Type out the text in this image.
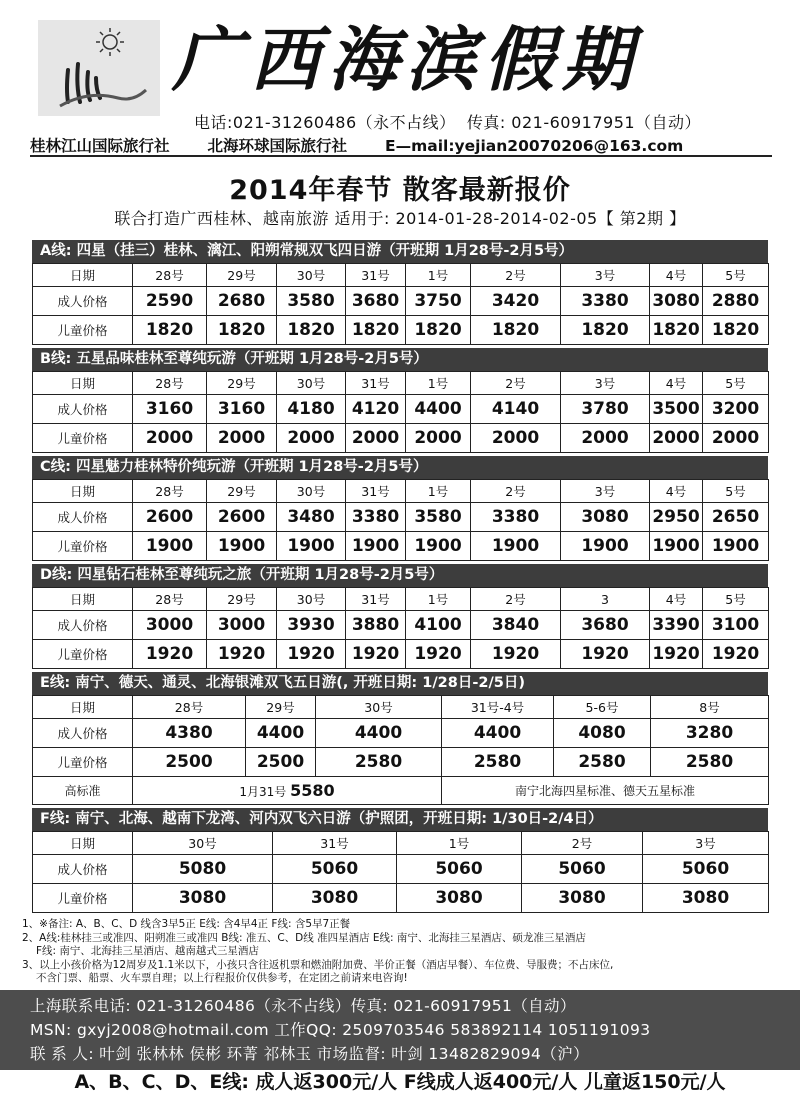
广西海滨假期
电话:021-31260486（永不占线） 传真: 021-60917951（自动）
桂林江山国际旅行社 北海环球国际旅行社 E—mail:yejian20070206@163.com
2014年春节 散客最新报价
联合打造广西桂林、越南旅游 适用于: 2014-01-28-2014-02-05【 第2期 】
A线: 四星（挂三）桂林、漓江、阳朔常规双飞四日游（开班期 1月28号-2月5号）
日期	28号	29号	30号	31号	1号	2号	3号	4号	5号
成人价格	2590	2680	3580	3680	3750	3420	3380	3080	2880
儿童价格	1820	1820	1820	1820	1820	1820	1820	1820	1820
B线: 五星品味桂林至尊纯玩游（开班期 1月28号-2月5号）
日期	28号	29号	30号	31号	1号	2号	3号	4号	5号
成人价格	3160	3160	4180	4120	4400	4140	3780	3500	3200
儿童价格	2000	2000	2000	2000	2000	2000	2000	2000	2000
C线: 四星魅力桂林特价纯玩游（开班期 1月28号-2月5号）
日期	28号	29号	30号	31号	1号	2号	3号	4号	5号
成人价格	2600	2600	3480	3380	3580	3380	3080	2950	2650
儿童价格	1900	1900	1900	1900	1900	1900	1900	1900	1900
D线: 四星钻石桂林至尊纯玩之旅（开班期 1月28号-2月5号）
日期	28号	29号	30号	31号	1号	2号	3	4号	5号
成人价格	3000	3000	3930	3880	4100	3840	3680	3390	3100
儿童价格	1920	1920	1920	1920	1920	1920	1920	1920	1920
E线: 南宁、德天、通灵、北海银滩双飞五日游(, 开班日期: 1/28日-2/5日)
日期	28号	29号	30号	31号-4号	5-6号	8号	
成人价格	4380	4400	4400	4400	4080	3280	
儿童价格	2500	2500	2580	2580	2580	2580	
高标准	1月31号 5580			南宁北海四星标准、德天五星标准			
F线: 南宁、北海、越南下龙湾、河内双飞六日游（护照团，开班日期: 1/30日-2/4日）
日期	30号	31号	1号	2号	3号
成人价格	5080	5060	5060	5060	5060
儿童价格	3080	3080	3080	3080	3080
1、※备注: A、B、C、D 线含3早5正 E线: 含4早4正 F线: 含5早7正餐
2、A线:桂林挂三或准四、阳朔准三或准四 B线: 准五、C、D线 准四星酒店 E线: 南宁、北海挂三星酒店、硕龙准三星酒店
F线: 南宁、北海挂三星酒店、越南越式三星酒店
3、以上小孩价格为12周岁及1.1米以下，小孩只含往返机票和燃油附加费、半价正餐（酒店早餐）、车位费、导服费；不占床位,
不含门票、船票、火车票自理；以上行程报价仅供参考，在定团之前请来电咨询!
上海联系电话: 021-31260486（永不占线）传真: 021-60917951（自动）
MSN: gxyj2008@hotmail.com 工作QQ: 2509703546 583892114 1051191093
联 系 人: 叶剑 张林林 侯彬 环菁 祁林玉 市场监督: 叶剑 13482829094（沪）
A、B、C、D、E线: 成人返300元/人 F线成人返400元/人 儿童返150元/人
